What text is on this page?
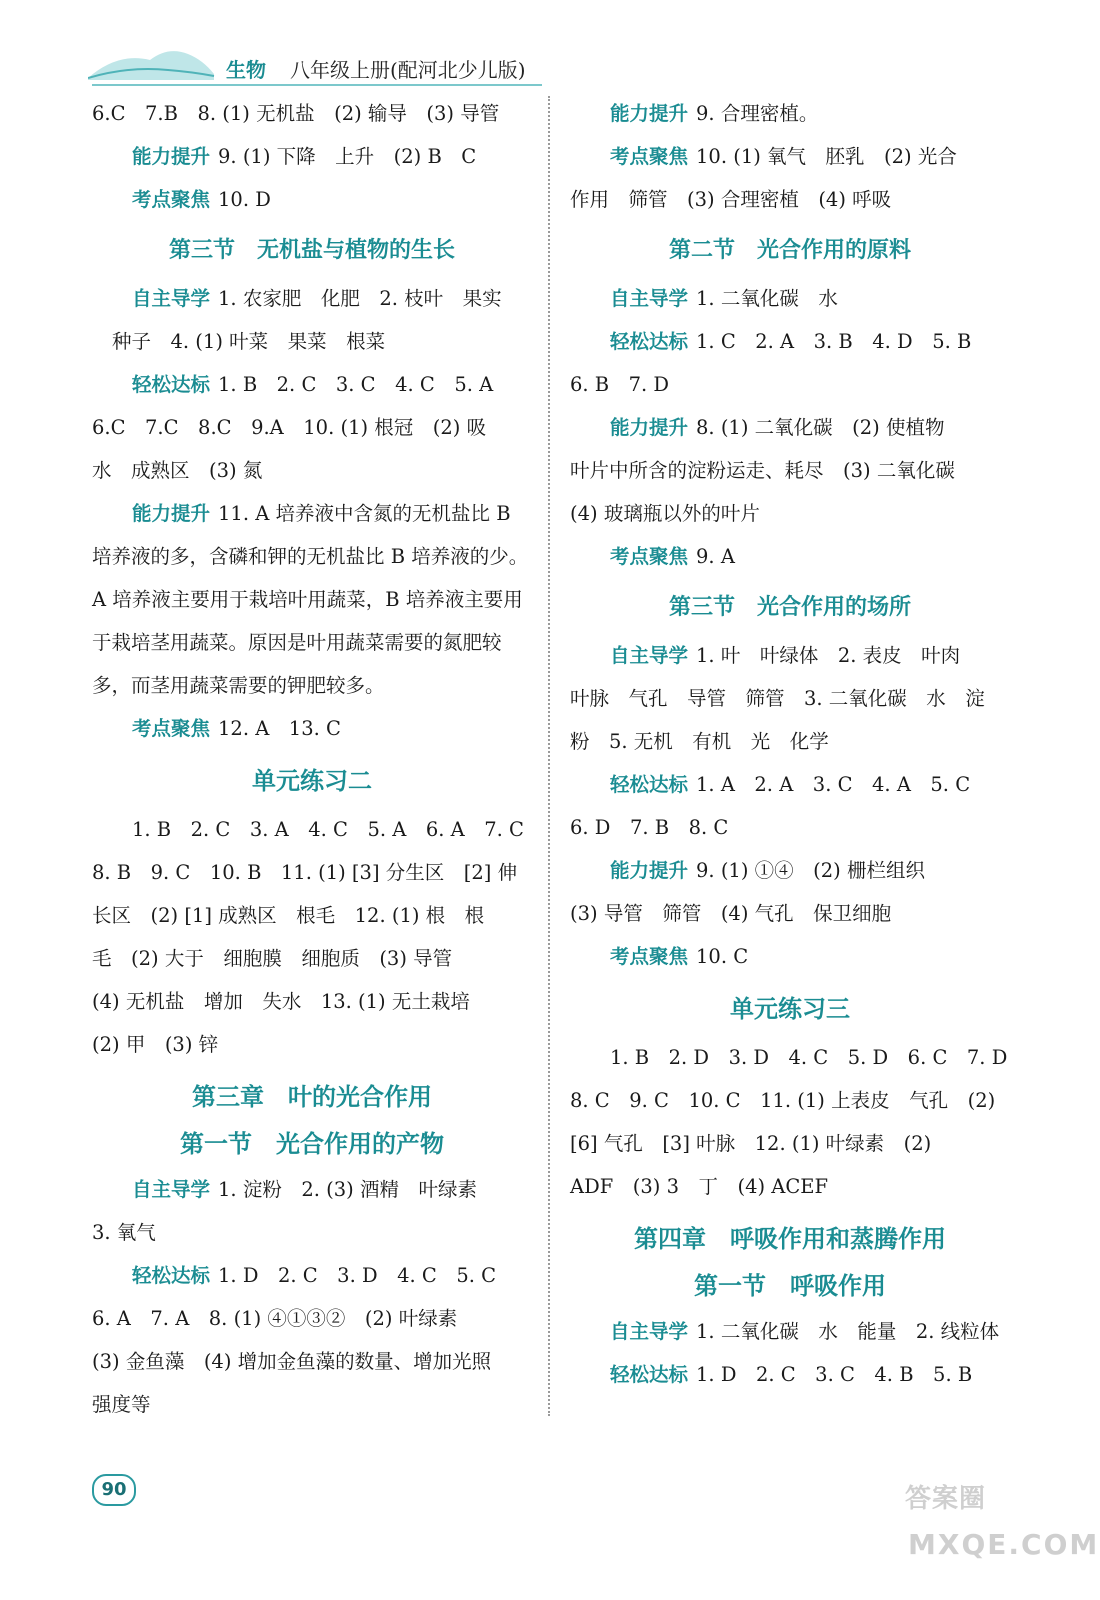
生物 八年级上册(配河北少儿版)
6.C　7.B　8. (1) 无机盐　(2) 输导　(3) 导管
能力提升 9. (1) 下降　上升　(2) B　C
考点聚焦 10. D
第三节　无机盐与植物的生长
自主导学 1. 农家肥　化肥　2. 枝叶　果实
种子　4. (1) 叶菜　果菜　根菜
轻松达标 1. B　2. C　3. C　4. C　5. A
6.C　7.C　8.C　9.A　10. (1) 根冠　(2) 吸
水　成熟区　(3) 氮
能力提升 11. A 培养液中含氮的无机盐比 B
培养液的多，含磷和钾的无机盐比 B 培养液的少。
A 培养液主要用于栽培叶用蔬菜，B 培养液主要用
于栽培茎用蔬菜。原因是叶用蔬菜需要的氮肥较
多，而茎用蔬菜需要的钾肥较多。
考点聚焦 12. A　13. C
单元练习二
1. B　2. C　3. A　4. C　5. A　6. A　7. C
8. B　9. C　10. B　11. (1) [3] 分生区　[2] 伸
长区　(2) [1] 成熟区　根毛　12. (1) 根　根
毛　(2) 大于　细胞膜　细胞质　(3) 导管
(4) 无机盐　增加　失水　13. (1) 无土栽培
(2) 甲　(3) 锌
第三章　叶的光合作用
第一节　光合作用的产物
自主导学 1. 淀粉　2. (3) 酒精　叶绿素
3. 氧气
轻松达标 1. D　2. C　3. D　4. C　5. C
6. A　7. A　8. (1) ④①③②　(2) 叶绿素
(3) 金鱼藻　(4) 增加金鱼藻的数量、增加光照
强度等
能力提升 9. 合理密植。
考点聚焦 10. (1) 氧气　胚乳　(2) 光合
作用　筛管　(3) 合理密植　(4) 呼吸
第二节　光合作用的原料
自主导学 1. 二氧化碳　水
轻松达标 1. C　2. A　3. B　4. D　5. B
6. B　7. D
能力提升 8. (1) 二氧化碳　(2) 使植物
叶片中所含的淀粉运走、耗尽　(3) 二氧化碳
(4) 玻璃瓶以外的叶片
考点聚焦 9. A
第三节　光合作用的场所
自主导学 1. 叶　叶绿体　2. 表皮　叶肉
叶脉　气孔　导管　筛管　3. 二氧化碳　水　淀
粉　5. 无机　有机　光　化学
轻松达标 1. A　2. A　3. C　4. A　5. C
6. D　7. B　8. C
能力提升 9. (1) ①④　(2) 栅栏组织
(3) 导管　筛管　(4) 气孔　保卫细胞
考点聚焦 10. C
单元练习三
1. B　2. D　3. D　4. C　5. D　6. C　7. D
8. C　9. C　10. C　11. (1) 上表皮　气孔　(2)
[6] 气孔　[3] 叶脉　12. (1) 叶绿素　(2)
ADF　(3) 3　丁　(4) ACEF
第四章　呼吸作用和蒸腾作用
第一节　呼吸作用
自主导学 1. 二氧化碳　水　能量　2. 线粒体
轻松达标 1. D　2. C　3. C　4. B　5. B
90	答案圈
MXQE.COM
